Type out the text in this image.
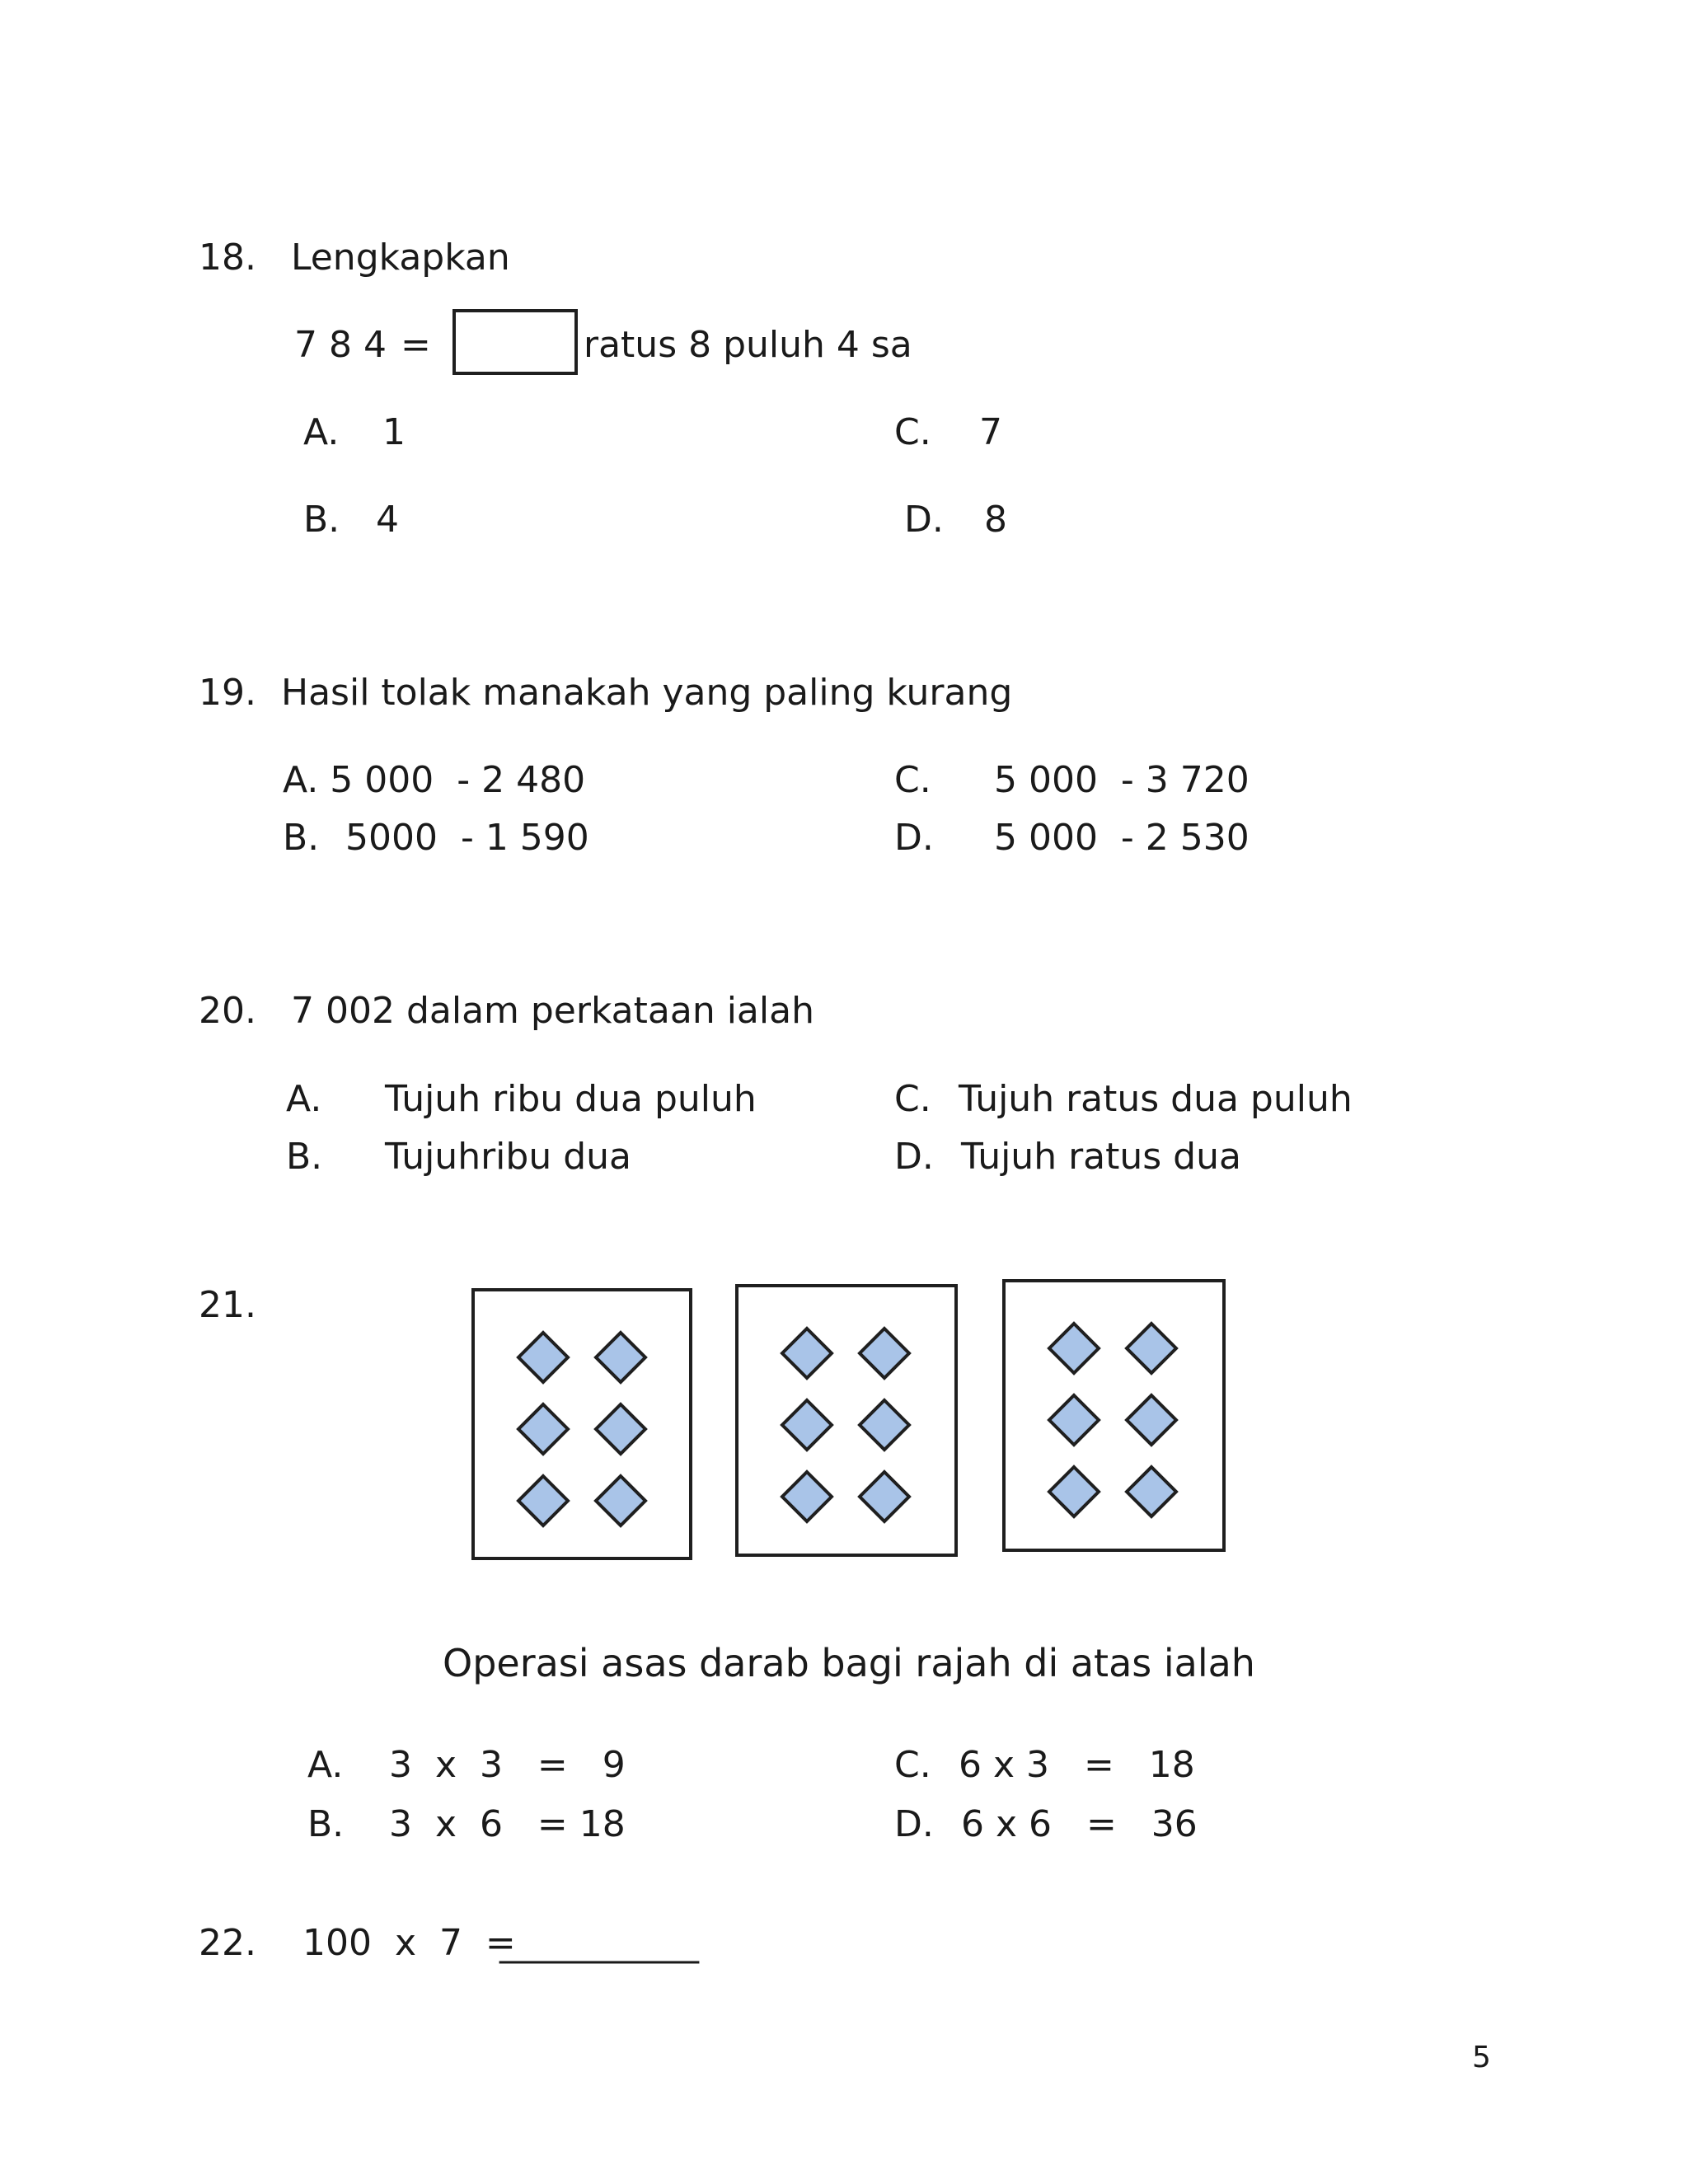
18. Lengkapkan
7 8 4 =	ratus 8 puluh 4 sa
A. 1
B. 4
C. 7
D. 8
19. Hasil tolak manakah yang paling kurang
A. 5 000  - 2 480
B. 5000  - 1 590
C. 5 000  - 3 720
D. 5 000  - 2 530
20. 7 002 dalam perkataan ialah
A. Tujuh ribu dua puluh
B. Tujuhribu dua
C. Tujuh ratus dua puluh
D. Tujuh ratus dua
21.
Operasi asas darab bagi rajah di atas ialah
A. 3  x  3   =   9
B. 3  x  6   = 18
C. 6 x 3   =   18
D. 6 x 6   =   36
22. 100  x  7  =
___________
5
